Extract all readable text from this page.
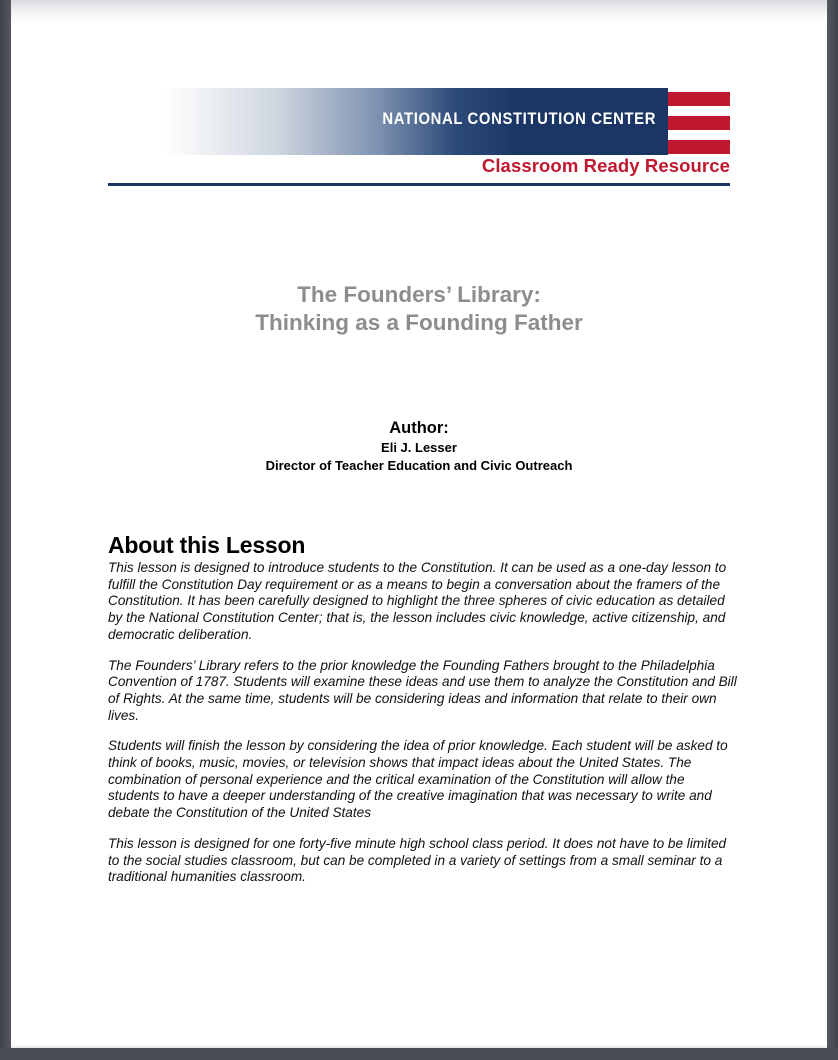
NATIONAL CONSTITUTION CENTER
Classroom Ready Resource
The Founders’ Library:
Thinking as a Founding Father
Author:
Eli J. Lesser
Director of Teacher Education and Civic Outreach
About this Lesson

This lesson is designed to introduce students to the Constitution. It can be used as a one-day lesson to fulfill the Constitution Day requirement or as a means to begin a conversation about the framers of the Constitution. It has been carefully designed to highlight the three spheres of civic education as detailed by the National Constitution Center; that is, the lesson includes civic knowledge, active citizenship, and democratic deliberation.

The Founders’ Library refers to the prior knowledge the Founding Fathers brought to the Philadelphia Convention of 1787. Students will examine these ideas and use them to analyze the Constitution and Bill of Rights. At the same time, students will be considering ideas and information that relate to their own lives.

Students will finish the lesson by considering the idea of prior knowledge. Each student will be asked to think of books, music, movies, or television shows that impact ideas about the United States. The combination of personal experience and the critical examination of the Constitution will allow the students to have a deeper understanding of the creative imagination that was necessary to write and debate the Constitution of the United States

This lesson is designed for one forty-five minute high school class period. It does not have to be limited to the social studies classroom, but can be completed in a variety of settings from a small seminar to a traditional humanities classroom.
